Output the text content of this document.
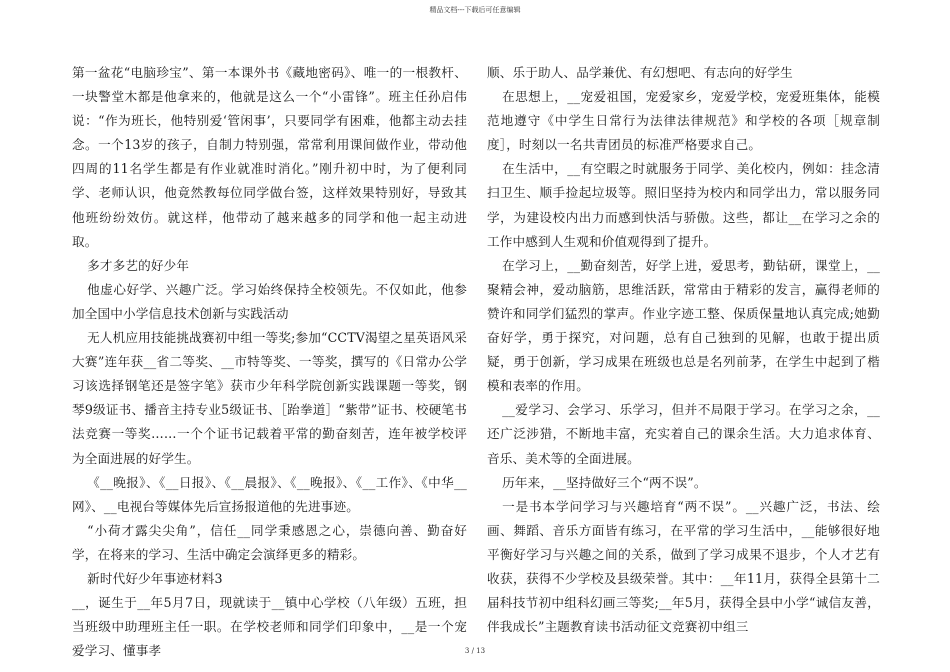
精品文档---下载后可任意编辑

第一盆花“电脑珍宝”、第一本课外书《藏地密码》、唯一的一根教杆、一块警堂木都是他拿来的，他就是这么一个“小雷锋”。班主任孙启伟说：“作为班长，他特别爱‘管闲事’，只要同学有困难，他都主动去挂念。一个13岁的孩子，自制力特别强，常常利用课间做作业，带动他四周的11名学生都是有作业就准时消化。”刚升初中时，为了便利同学、老师认识，他竟然教每位同学做台签，这样效果特别好，导致其他班纷纷效仿。就这样，他带动了越来越多的同学和他一起主动进取。

多才多艺的好少年

他虚心好学、兴趣广泛。学习始终保持全校领先。不仅如此，他参加全国中小学信息技术创新与实践活动

无人机应用技能挑战赛初中组一等奖;参加“CCTV渴望之星英语风采大赛”连年获__省二等奖、__市特等奖、一等奖，撰写的《日常办公学习该选择钢笔还是签字笔》获市少年科学院创新实践课题一等奖，钢琴9级证书、播音主持专业5级证书、［跆拳道］“紫带”证书、校硬笔书法竞赛一等奖……一个个证书记载着平常的勤奋刻苦，连年被学校评为全面进展的好学生。

《__晚报》、《__日报》、《__晨报》、《__晚报》、《__工作》、《中华__网》、__电视台等媒体先后宣扬报道他的先进事迹。

“小荷才露尖尖角”，信任__同学秉感恩之心，崇德向善、勤奋好学，在将来的学习、生活中确定会演绎更多的精彩。

新时代好少年事迹材料3

__，诞生于__年5月7日，现就读于__镇中心学校（八年级）五班，担当班级中助理班主任一职。在学校老师和同学们印象中，__是一个宠爱学习、懂事孝

顺、乐于助人、品学兼优、有幻想吧、有志向的好学生

在思想上，__宠爱祖国，宠爱家乡，宠爱学校，宠爱班集体，能模范地遵守《中学生日常行为法律法律规范》和学校的各项［规章制度］，时刻以一名共青团员的标准严格要求自己。

在生活中，__有空暇之时就服务于同学、美化校内，例如：挂念清扫卫生、顺手捡起垃圾等。照旧坚持为校内和同学出力，常以服务同学，为建设校内出力而感到快活与骄傲。这些，都让__在学习之余的工作中感到人生观和价值观得到了提升。

在学习上，__勤奋刻苦，好学上进，爱思考，勤钻研，课堂上，__聚精会神，爱动脑筋，思维活跃，常常由于精彩的发言，赢得老师的赞许和同学们猛烈的掌声。作业字迹工整、保质保量地认真完成;她勤奋好学，勇于探究，对问题，总有自己独到的见解，也敢于提出质疑，勇于创新，学习成果在班级也总是名列前茅，在学生中起到了楷模和表率的作用。

__爱学习、会学习、乐学习，但并不局限于学习。在学习之余，__还广泛涉猎，不断地丰富，充实着自己的课余生活。大力追求体育、音乐、美术等的全面进展。

历年来，__坚持做好三个“两不误”。

一是书本学问学习与兴趣培育“两不误”。__兴趣广泛，书法、绘画、舞蹈、音乐方面皆有练习，在平常的学习生活中，__能够很好地平衡好学习与兴趣之间的关系，做到了学习成果不退步，个人才艺有收获，获得不少学校及县级荣誉。其中：__年11月，获得全县第十二届科技节初中组科幻画三等奖;__年5月，获得全县中小学“诚信友善，伴我成长”主题教育读书活动征文竞赛初中组三

3 / 13
